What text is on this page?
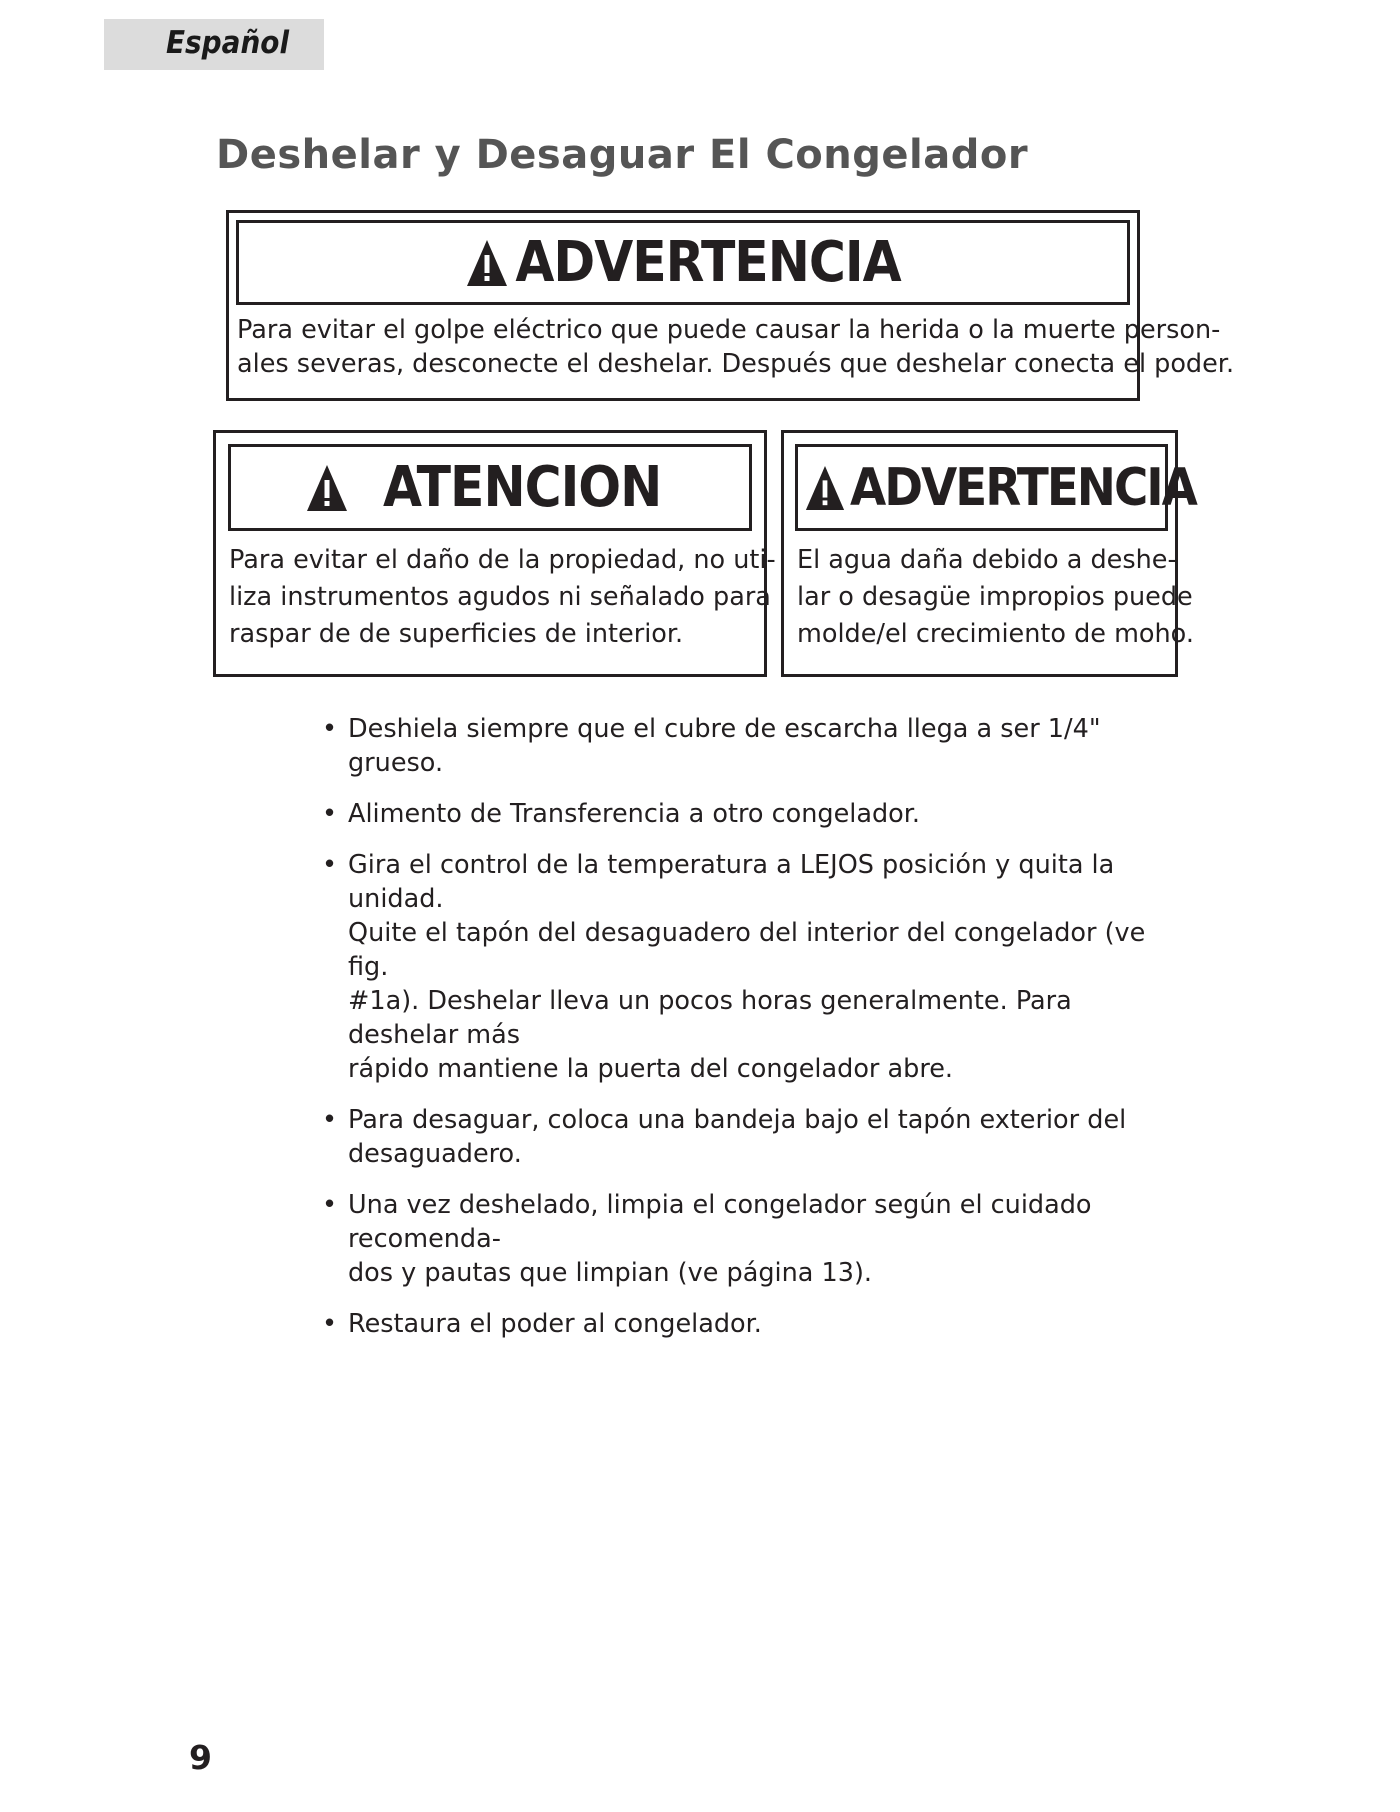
Español
Deshelar y Desaguar El Congelador
ADVERTENCIA

Para evitar el golpe eléctrico que puede causar la herida o la muerte person-

ales severas, desconecte el deshelar. Después que deshelar conecta el poder.

ATENCION

Para evitar el daño de la propiedad, no uti-

liza instrumentos agudos ni señalado para

raspar de de superficies de interior.

ADVERTENCIA

El agua daña debido a deshe-

lar o desagüe impropios puede

molde/el crecimiento de moho.

• Deshiela siempre que el cubre de escarcha llega a ser 1/4" grueso.
• Alimento de Transferencia a otro congelador.
• Gira el control de la temperatura a LEJOS posición y quita la unidad.
Quite el tapón del desaguadero del interior del congelador (ve fig.
#1a). Deshelar lleva un pocos horas generalmente. Para deshelar más
rápido mantiene la puerta del congelador abre.
• Para desaguar, coloca una bandeja bajo el tapón exterior del
desaguadero.
• Una vez deshelado, limpia el congelador según el cuidado recomenda-
dos y pautas que limpian (ve página 13).
• Restaura el poder al congelador.
9
